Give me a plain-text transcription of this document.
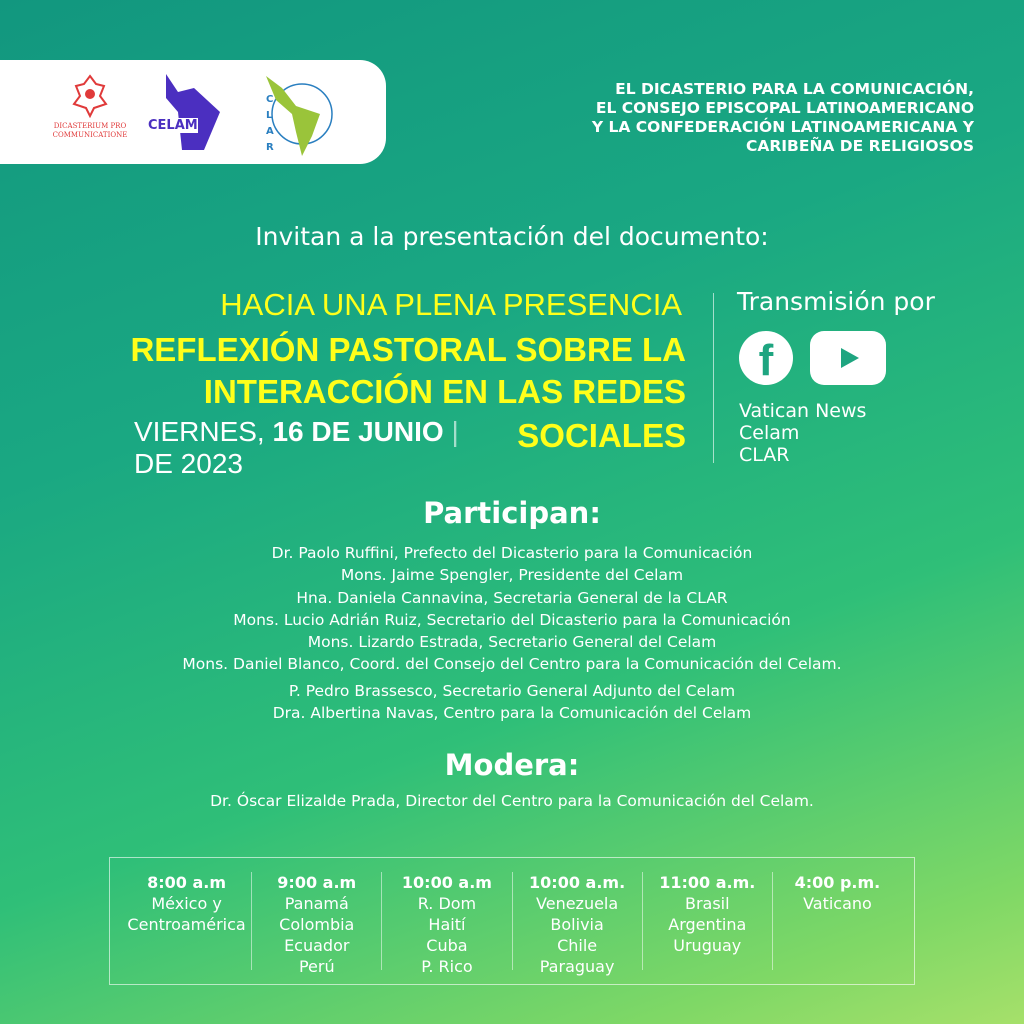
DICASTERIUM PRO COMMUNICATIONE
CELAM
CLAR
EL DICASTERIO PARA LA COMUNICACIÓN,
EL CONSEJO EPISCOPAL LATINOAMERICANO
Y LA CONFEDERACIÓN LATINOAMERICANA Y
CARIBEÑA DE RELIGIOSOS
Invitan a la presentación del documento:
HACIA UNA PLENA PRESENCIA
REFLEXIÓN PASTORAL SOBRE LA
INTERACCIÓN EN LAS REDES
SOCIALES
VIERNES, 16 DE JUNIO |
DE 2023
Transmisión por
f
Vatican News
Celam
CLAR
Participan:
Dr. Paolo Ruffini, Prefecto del Dicasterio para la Comunicación
Mons. Jaime Spengler, Presidente del Celam
Hna. Daniela Cannavina, Secretaria General de la CLAR
Mons. Lucio Adrián Ruiz, Secretario del Dicasterio para la Comunicación
Mons. Lizardo Estrada, Secretario General del Celam
Mons. Daniel Blanco, Coord. del Consejo del Centro para la Comunicación del Celam.
P. Pedro Brassesco, Secretario General Adjunto del Celam
Dra. Albertina Navas, Centro para la Comunicación del Celam
Modera:
Dr. Óscar Elizalde Prada, Director del Centro para la Comunicación del Celam.
8:00 a.m
México y
Centroamérica
9:00 a.m
Panamá
Colombia
Ecuador
Perú
10:00 a.m
R. Dom
Haití
Cuba
P. Rico
10:00 a.m.
Venezuela
Bolivia
Chile
Paraguay
11:00 a.m.
Brasil
Argentina
Uruguay
4:00 p.m.
Vaticano
